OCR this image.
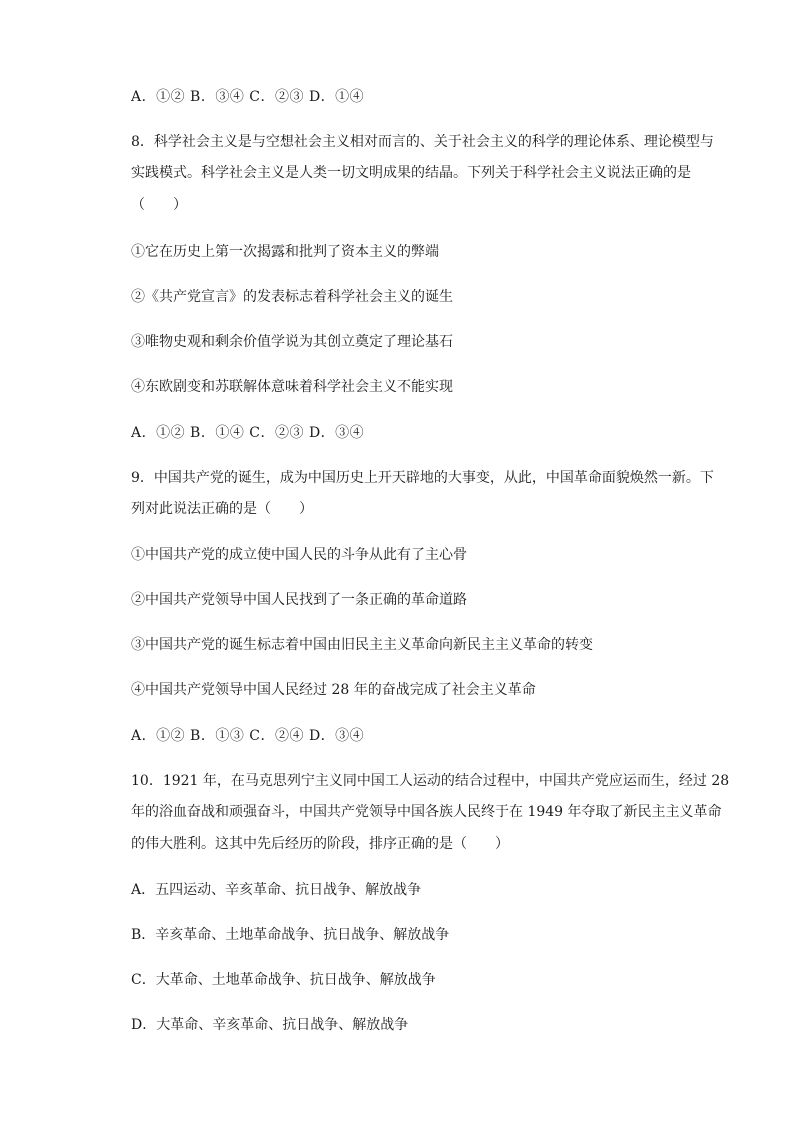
A．①② B．③④ C．②③ D．①④
8．科学社会主义是与空想社会主义相对而言的、关于社会主义的科学的理论体系、理论模型与
实践模式。科学社会主义是人类一切文明成果的结晶。下列关于科学社会主义说法正确的是
（　　）
①它在历史上第一次揭露和批判了资本主义的弊端
②《共产党宣言》的发表标志着科学社会主义的诞生
③唯物史观和剩余价值学说为其创立奠定了理论基石
④东欧剧变和苏联解体意味着科学社会主义不能实现
A．①② B．①④ C．②③ D．③④
9．中国共产党的诞生，成为中国历史上开天辟地的大事变，从此，中国革命面貌焕然一新。下
列对此说法正确的是（　　）
①中国共产党的成立使中国人民的斗争从此有了主心骨
②中国共产党领导中国人民找到了一条正确的革命道路
③中国共产党的诞生标志着中国由旧民主主义革命向新民主主义革命的转变
④中国共产党领导中国人民经过 28 年的奋战完成了社会主义革命
A．①② B．①③ C．②④ D．③④
10．1921 年，在马克思列宁主义同中国工人运动的结合过程中，中国共产党应运而生，经过 28
年的浴血奋战和顽强奋斗，中国共产党领导中国各族人民终于在 1949 年夺取了新民主主义革命
的伟大胜利。这其中先后经历的阶段，排序正确的是（　　）
A．五四运动、辛亥革命、抗日战争、解放战争
B．辛亥革命、土地革命战争、抗日战争、解放战争
C．大革命、土地革命战争、抗日战争、解放战争
D．大革命、辛亥革命、抗日战争、解放战争
